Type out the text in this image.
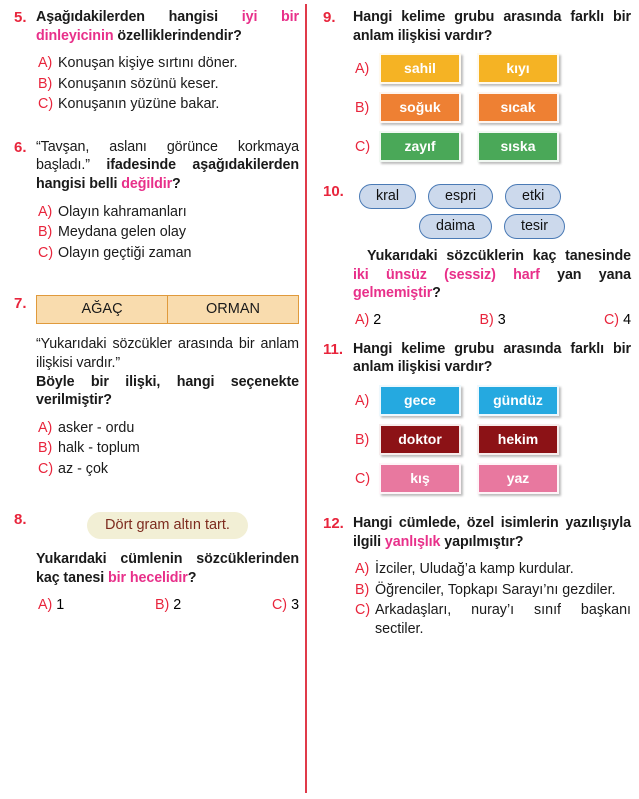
5. Aşağıdakilerden hangisi iyi bir dinleyicinin özelliklerindendir?
A) Konuşan kişiye sırtını döner.
B) Konuşanın sözünü keser.
C) Konuşanın yüzüne bakar.
6. “Tavşan, aslanı görünce korkmaya başladı.” ifadesinde aşağıdakilerden hangisi belli değildir?
A) Olayın kahramanları
B) Meydana gelen olay
C) Olayın geçtiği zaman
7.	AĞAÇ	ORMAN
“Yukarıdaki sözcükler arasında bir anlam ilişkisi vardır.”
Böyle bir ilişki, hangi seçenekte verilmiştir?
A) asker - ordu
B) halk - toplum
C) az - çok
8.	Dört gram altın tart.
Yukarıdaki cümlenin sözcüklerinden kaç tanesi bir hecelidir?
A) 1	B) 2	C) 3
9.	Hangi kelime grubu arasında farklı bir anlam ilişkisi vardır?
A)	sahil	kıyı
B)	soğuk	sıcak
C)	zayıf	sıska
10.	kral	espri	etki
daima	tesir
Yukarıdaki sözcüklerin kaç tanesinde iki ünsüz (sessiz) harf yan yana gelmemiştir?
A) 2	B) 3	C) 4
11. Hangi kelime grubu arasında farklı bir anlam ilişkisi vardır?
A)	gece	gündüz
B)	doktor	hekim
C)	kış	yaz
12. Hangi cümlede, özel isimlerin yazılışıyla ilgili yanlışlık yapılmıştır?
A) İzciler, Uludağ’a kamp kurdular.
B) Öğrenciler, Topkapı Sarayı’nı gezdiler.
C) Arkadaşları, nuray’ı sınıf başkanı sectiler.
